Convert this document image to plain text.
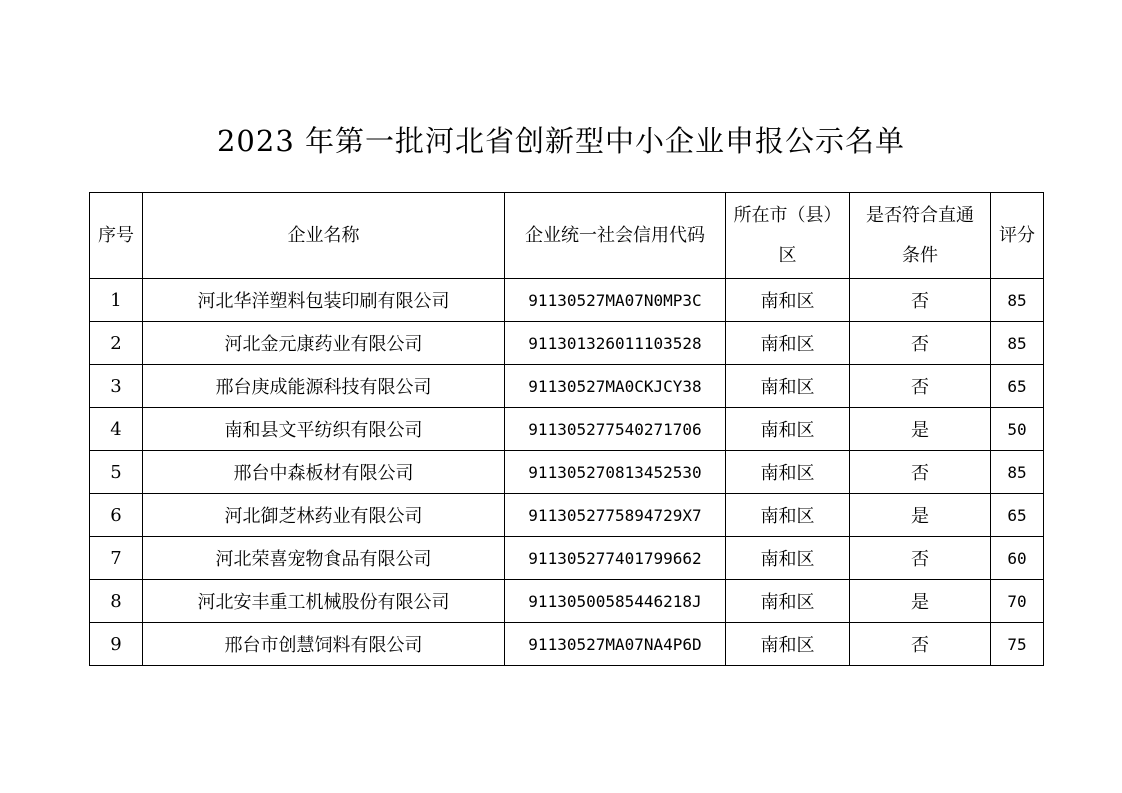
2023 年第一批河北省创新型中小企业申报公示名单
序号	企业名称	企业统一社会信用代码	所在市（县）区	是否符合直通条件	评分
1	河北华洋塑料包装印刷有限公司	91130527MA07N0MP3C	南和区	否	85
2	河北金元康药业有限公司	911301326011103528	南和区	否	85
3	邢台庚成能源科技有限公司	91130527MA0CKJCY38	南和区	否	65
4	南和县文平纺织有限公司	911305277540271706	南和区	是	50
5	邢台中森板材有限公司	911305270813452530	南和区	否	85
6	河北御芝林药业有限公司	9113052775894729X7	南和区	是	65
7	河北荣喜宠物食品有限公司	911305277401799662	南和区	否	60
8	河北安丰重工机械股份有限公司	91130500585446218J	南和区	是	70
9	邢台市创慧饲料有限公司	91130527MA07NA4P6D	南和区	否	75
